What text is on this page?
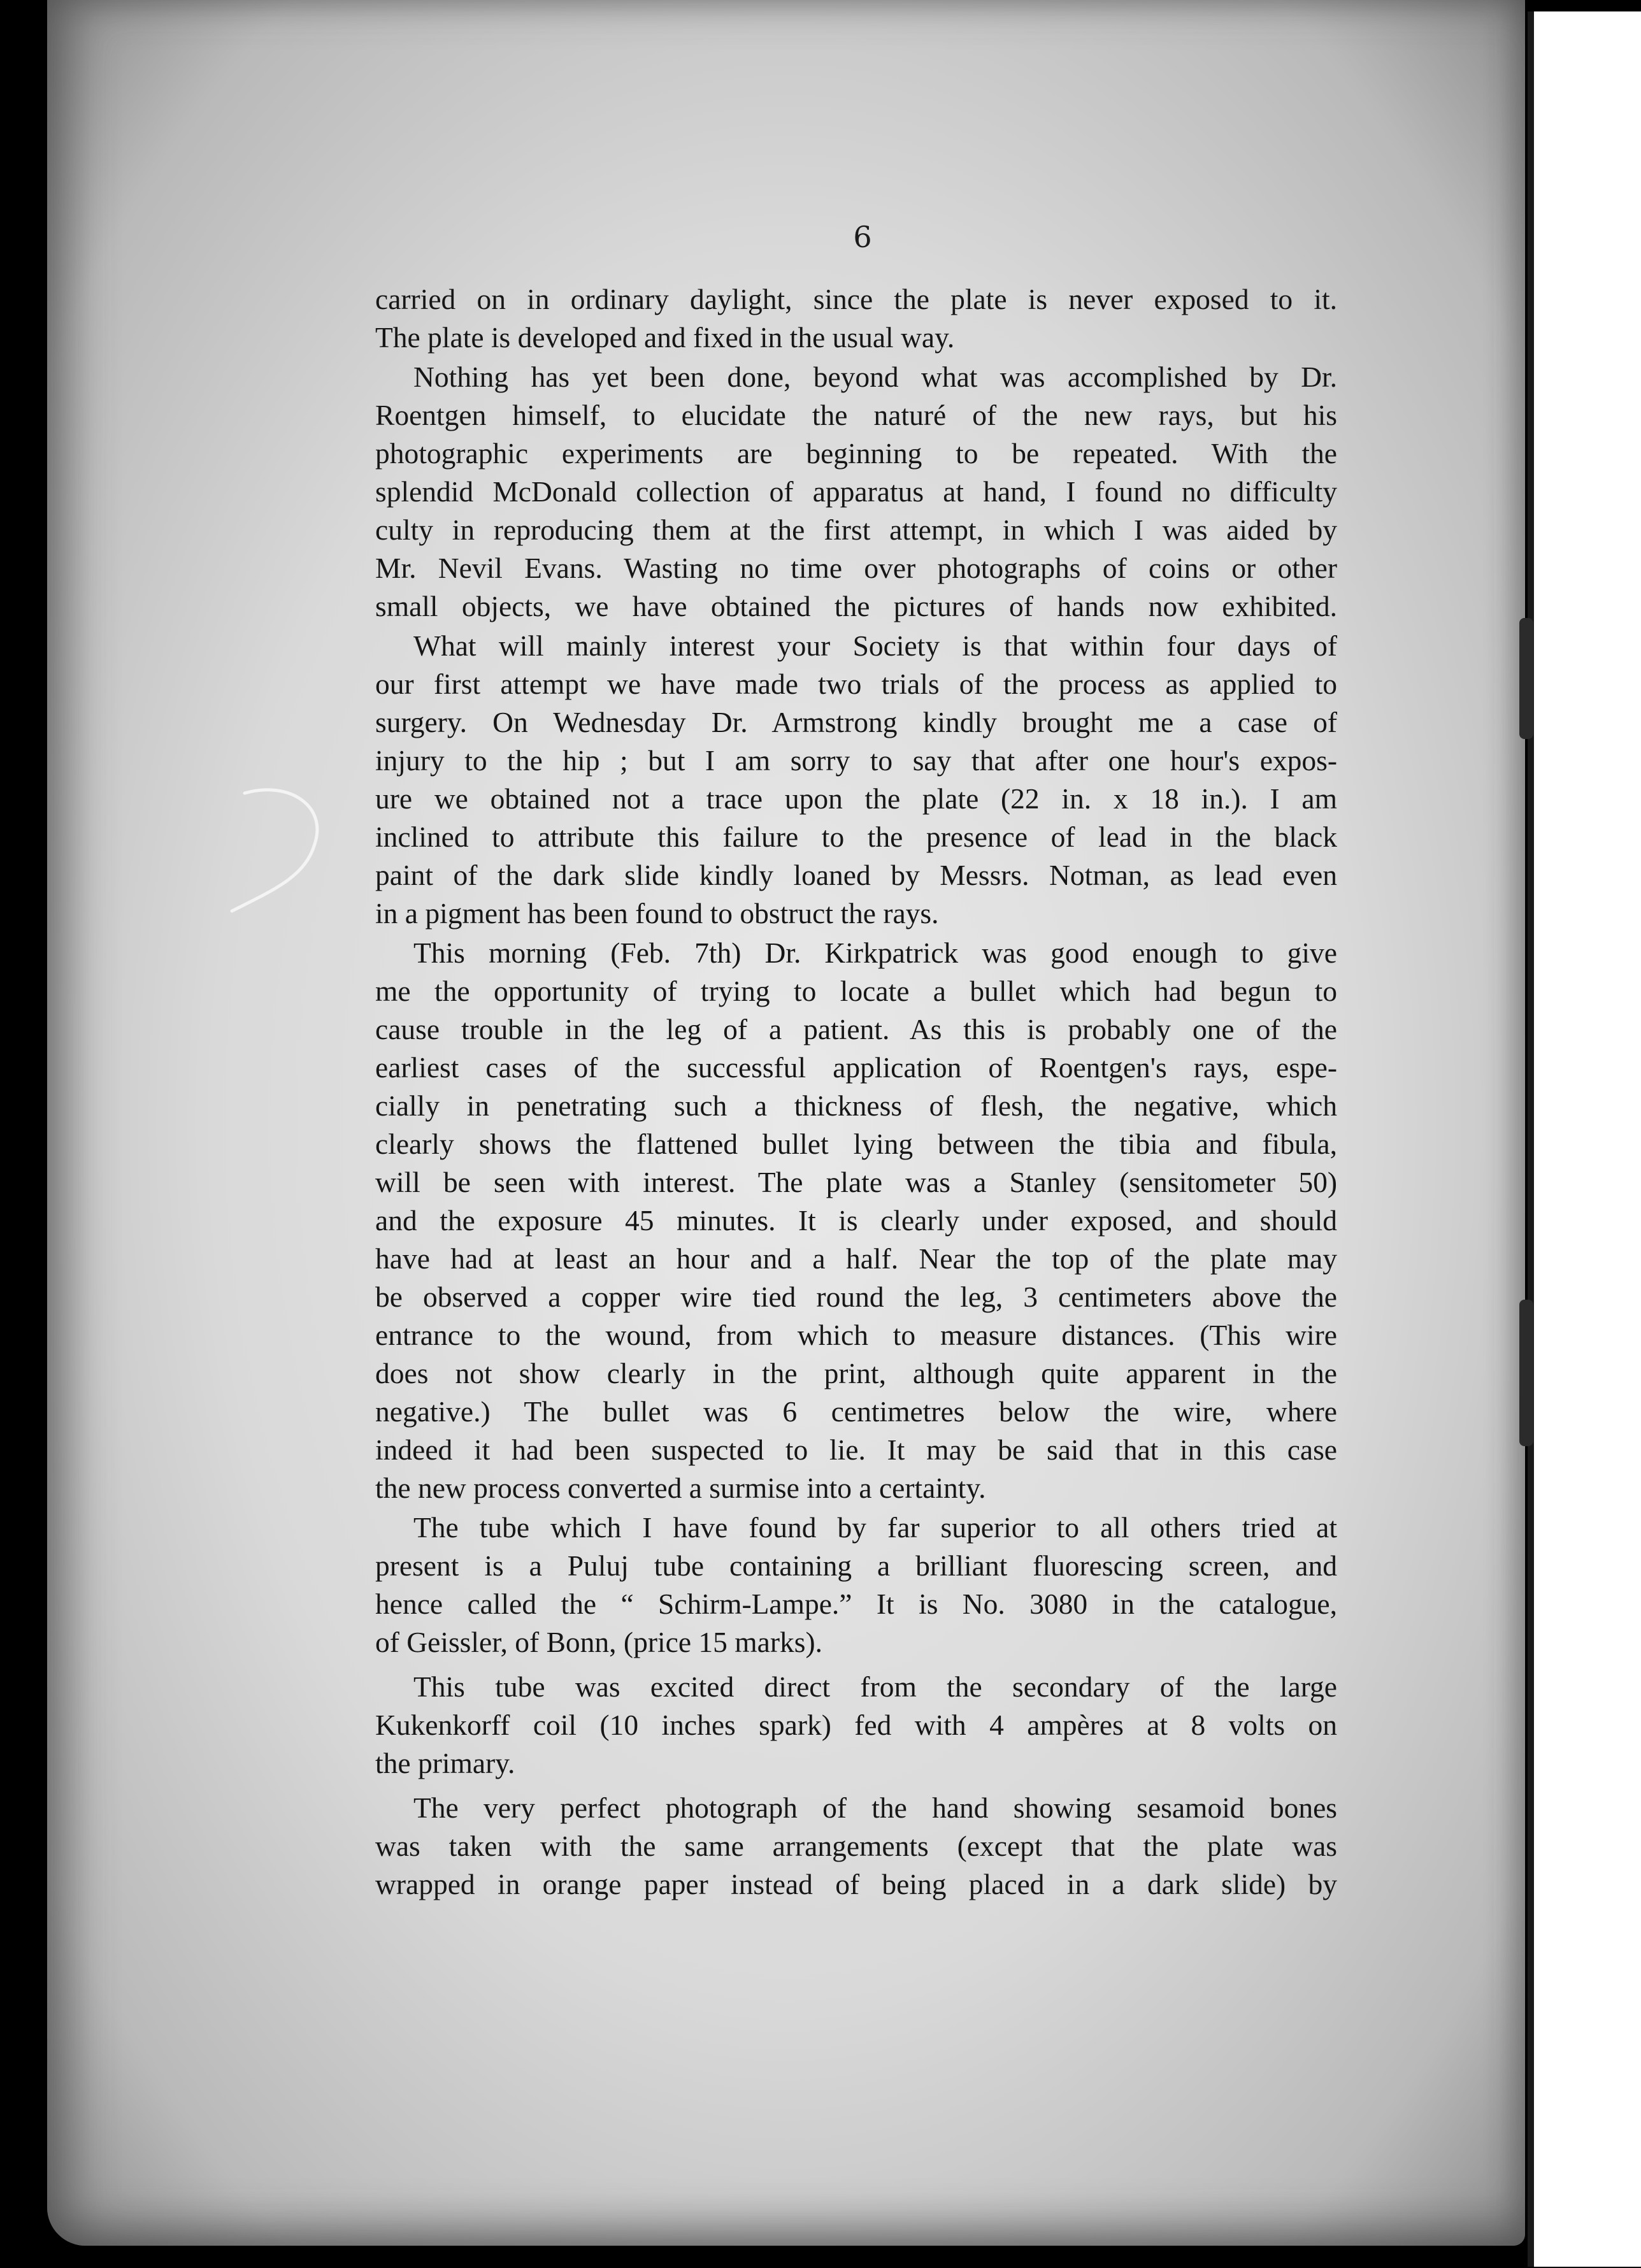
6
carried on in ordinary daylight, since the plate is never exposed to it.
The plate is developed and fixed in the usual way.
Nothing has yet been done, beyond what was accomplished by Dr.
Roentgen himself, to elucidate the naturé of the new rays, but his
photographic experiments are beginning to be repeated. With the
splendid McDonald collection of apparatus at hand, I found no difficulty
culty in reproducing them at the first attempt, in which I was aided by
Mr. Nevil Evans. Wasting no time over photographs of coins or other
small objects, we have obtained the pictures of hands now exhibited.
What will mainly interest your Society is that within four days of
our first attempt we have made two trials of the process as applied to
surgery. On Wednesday Dr. Armstrong kindly brought me a case of
injury to the hip ; but I am sorry to say that after one hour's expos-
ure we obtained not a trace upon the plate (22 in. x 18 in.). I am
inclined to attribute this failure to the presence of lead in the black
paint of the dark slide kindly loaned by Messrs. Notman, as lead even
in a pigment has been found to obstruct the rays.
This morning (Feb. 7th) Dr. Kirkpatrick was good enough to give
me the opportunity of trying to locate a bullet which had begun to
cause trouble in the leg of a patient. As this is probably one of the
earliest cases of the successful application of Roentgen's rays, espe-
cially in penetrating such a thickness of flesh, the negative, which
clearly shows the flattened bullet lying between the tibia and fibula,
will be seen with interest. The plate was a Stanley (sensitometer 50)
and the exposure 45 minutes. It is clearly under exposed, and should
have had at least an hour and a half. Near the top of the plate may
be observed a copper wire tied round the leg, 3 centimeters above the
entrance to the wound, from which to measure distances. (This wire
does not show clearly in the print, although quite apparent in the
negative.) The bullet was 6 centimetres below the wire, where
indeed it had been suspected to lie. It may be said that in this case
the new process converted a surmise into a certainty.
The tube which I have found by far superior to all others tried at
present is a Puluj tube containing a brilliant fluorescing screen, and
hence called the “ Schirm-Lampe.” It is No. 3080 in the catalogue,
of Geissler, of Bonn, (price 15 marks).
This tube was excited direct from the secondary of the large
Kukenkorff coil (10 inches spark) fed with 4 ampères at 8 volts on
the primary.
The very perfect photograph of the hand showing sesamoid bones
was taken with the same arrangements (except that the plate was
wrapped in orange paper instead of being placed in a dark slide) by
